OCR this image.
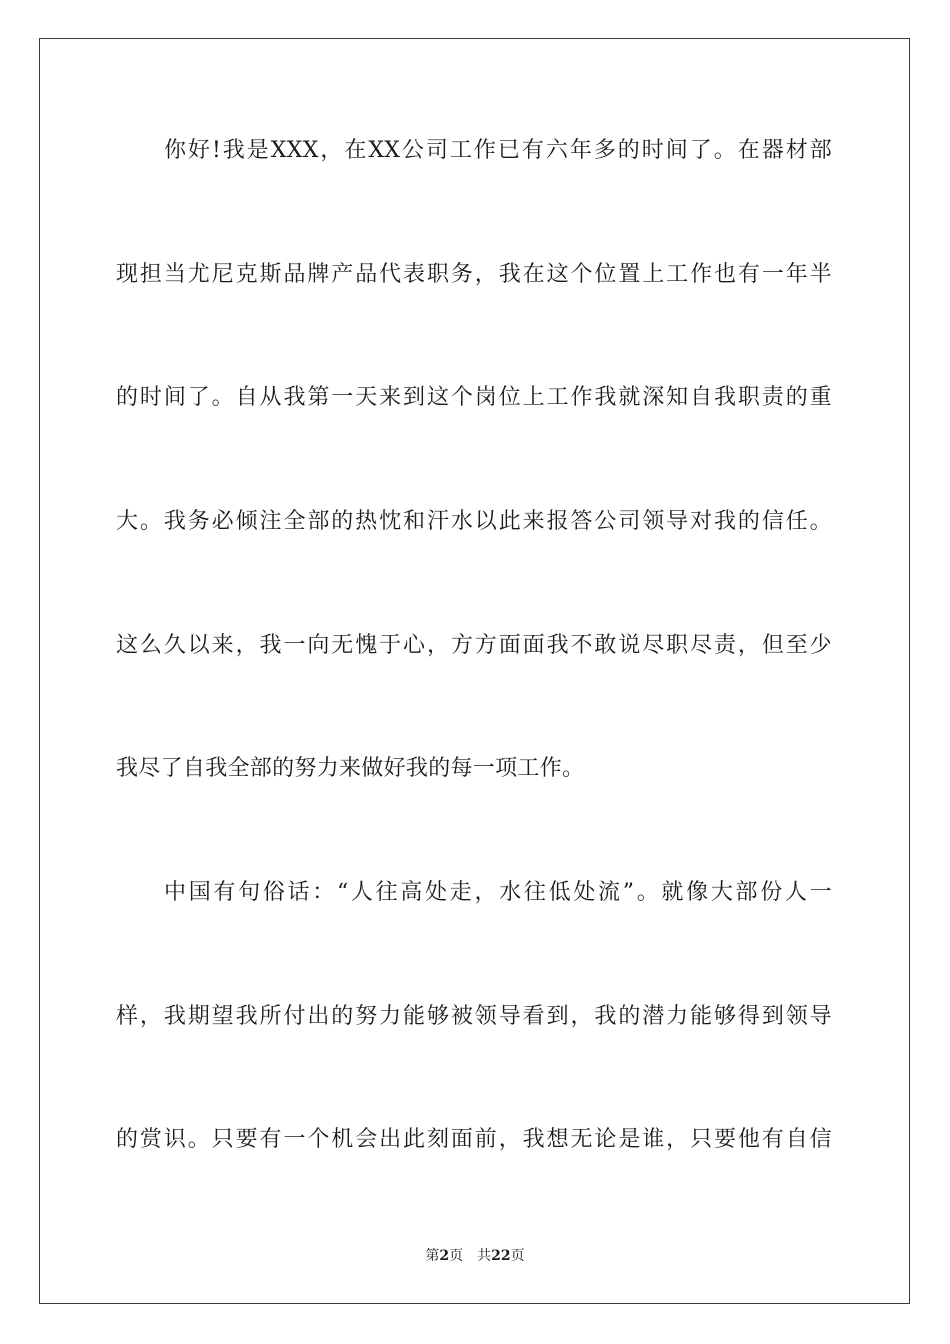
你好!我是XXX，在XX公司工作已有六年多的时间了。在器材部
现担当尤尼克斯品牌产品代表职务，我在这个位置上工作也有一年半
的时间了。自从我第一天来到这个岗位上工作我就深知自我职责的重
大。我务必倾注全部的热忱和汗水以此来报答公司领导对我的信任。
这么久以来，我一向无愧于心，方方面面我不敢说尽职尽责，但至少
我尽了自我全部的努力来做好我的每一项工作。
中国有句俗话：“人往高处走，水往低处流”。就像大部份人一
样，我期望我所付出的努力能够被领导看到，我的潜力能够得到领导
的赏识。只要有一个机会出此刻面前，我想无论是谁，只要他有自信
第2页 共22页
